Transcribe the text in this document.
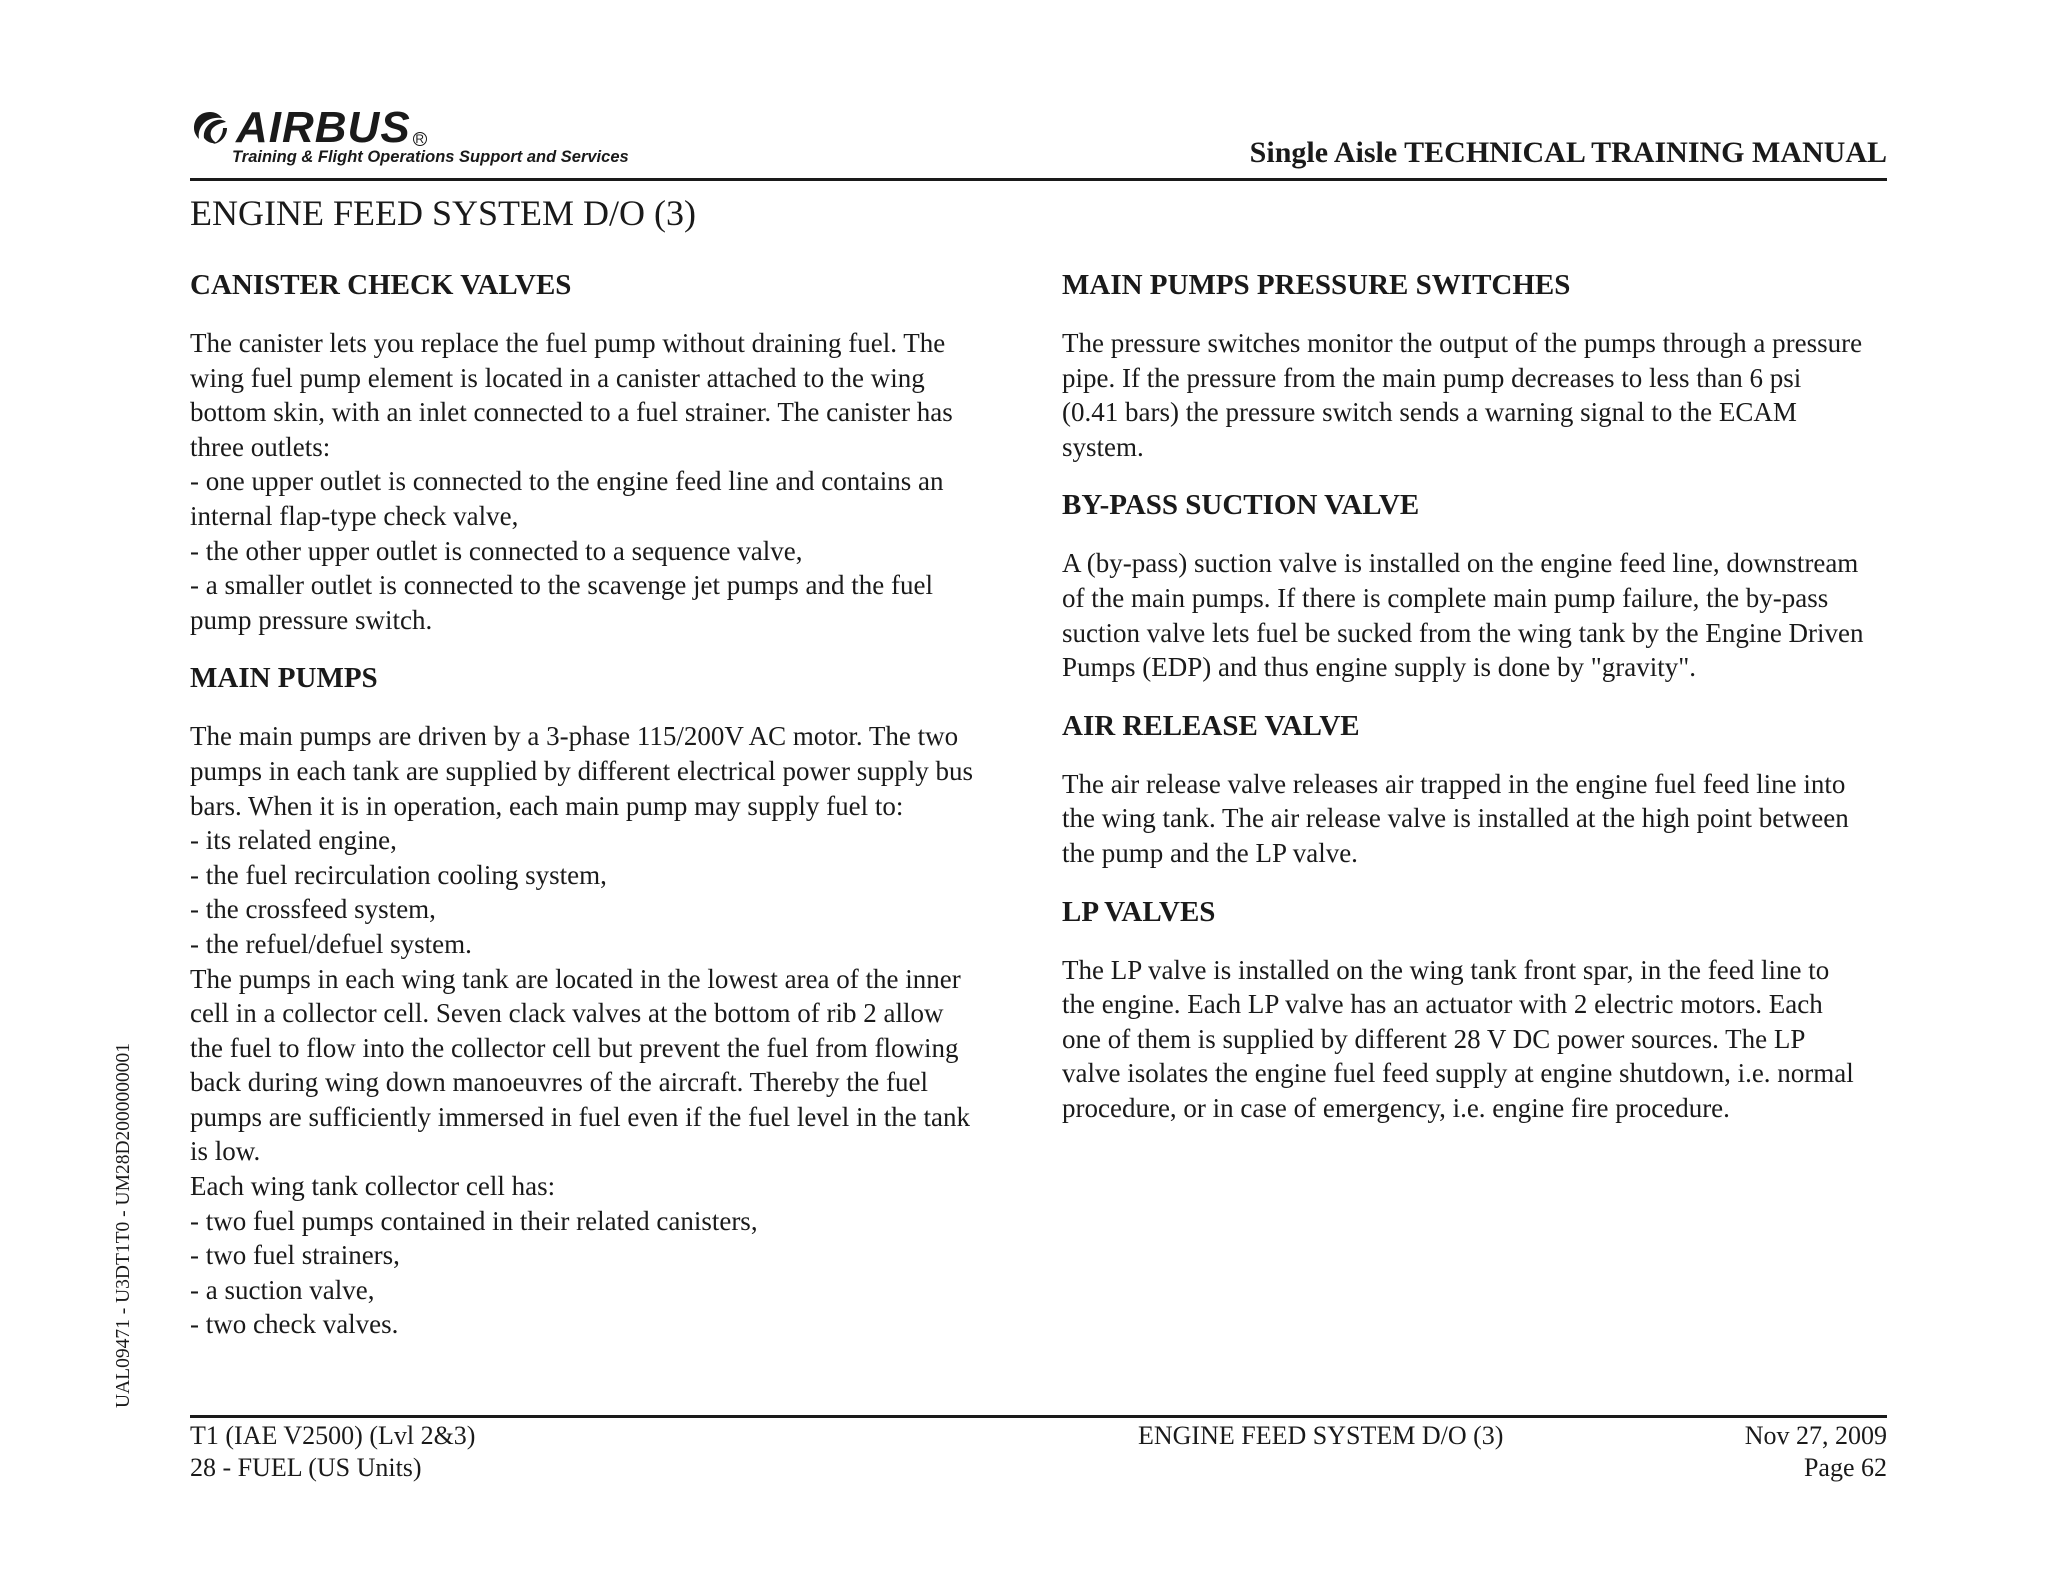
AIRBUS R
Training & Flight Operations Support and Services	Single Aisle TECHNICAL TRAINING MANUAL
ENGINE FEED SYSTEM D/O (3)
CANISTER CHECK VALVES

The canister lets you replace the fuel pump without draining fuel. The
wing fuel pump element is located in a canister attached to the wing
bottom skin, with an inlet connected to a fuel strainer. The canister has
three outlets:
- one upper outlet is connected to the engine feed line and contains an
internal flap-type check valve,
- the other upper outlet is connected to a sequence valve,
- a smaller outlet is connected to the scavenge jet pumps and the fuel
pump pressure switch.

MAIN PUMPS

The main pumps are driven by a 3-phase 115/200V AC motor. The two
pumps in each tank are supplied by different electrical power supply bus
bars. When it is in operation, each main pump may supply fuel to:
- its related engine,
- the fuel recirculation cooling system,
- the crossfeed system,
- the refuel/defuel system.
The pumps in each wing tank are located in the lowest area of the inner
cell in a collector cell. Seven clack valves at the bottom of rib 2 allow
the fuel to flow into the collector cell but prevent the fuel from flowing
back during wing down manoeuvres of the aircraft. Thereby the fuel
pumps are sufficiently immersed in fuel even if the fuel level in the tank
is low.
Each wing tank collector cell has:
- two fuel pumps contained in their related canisters,
- two fuel strainers,
- a suction valve,
- two check valves.

MAIN PUMPS PRESSURE SWITCHES

The pressure switches monitor the output of the pumps through a pressure
pipe. If the pressure from the main pump decreases to less than 6 psi
(0.41 bars) the pressure switch sends a warning signal to the ECAM
system.

BY-PASS SUCTION VALVE

A (by-pass) suction valve is installed on the engine feed line, downstream
of the main pumps. If there is complete main pump failure, the by-pass
suction valve lets fuel be sucked from the wing tank by the Engine Driven
Pumps (EDP) and thus engine supply is done by "gravity".

AIR RELEASE VALVE

The air release valve releases air trapped in the engine fuel feed line into
the wing tank. The air release valve is installed at the high point between
the pump and the LP valve.

LP VALVES

The LP valve is installed on the wing tank front spar, in the feed line to
the engine. Each LP valve has an actuator with 2 electric motors. Each
one of them is supplied by different 28 V DC power sources. The LP
valve isolates the engine fuel feed supply at engine shutdown, i.e. normal
procedure, or in case of emergency, i.e. engine fire procedure.

UAL09471 - U3DT1T0 - UM28D2000000001
T1 (IAE V2500) (Lvl 2&3)
28 - FUEL (US Units)
ENGINE FEED SYSTEM D/O (3)	Nov 27, 2009
Page 62
